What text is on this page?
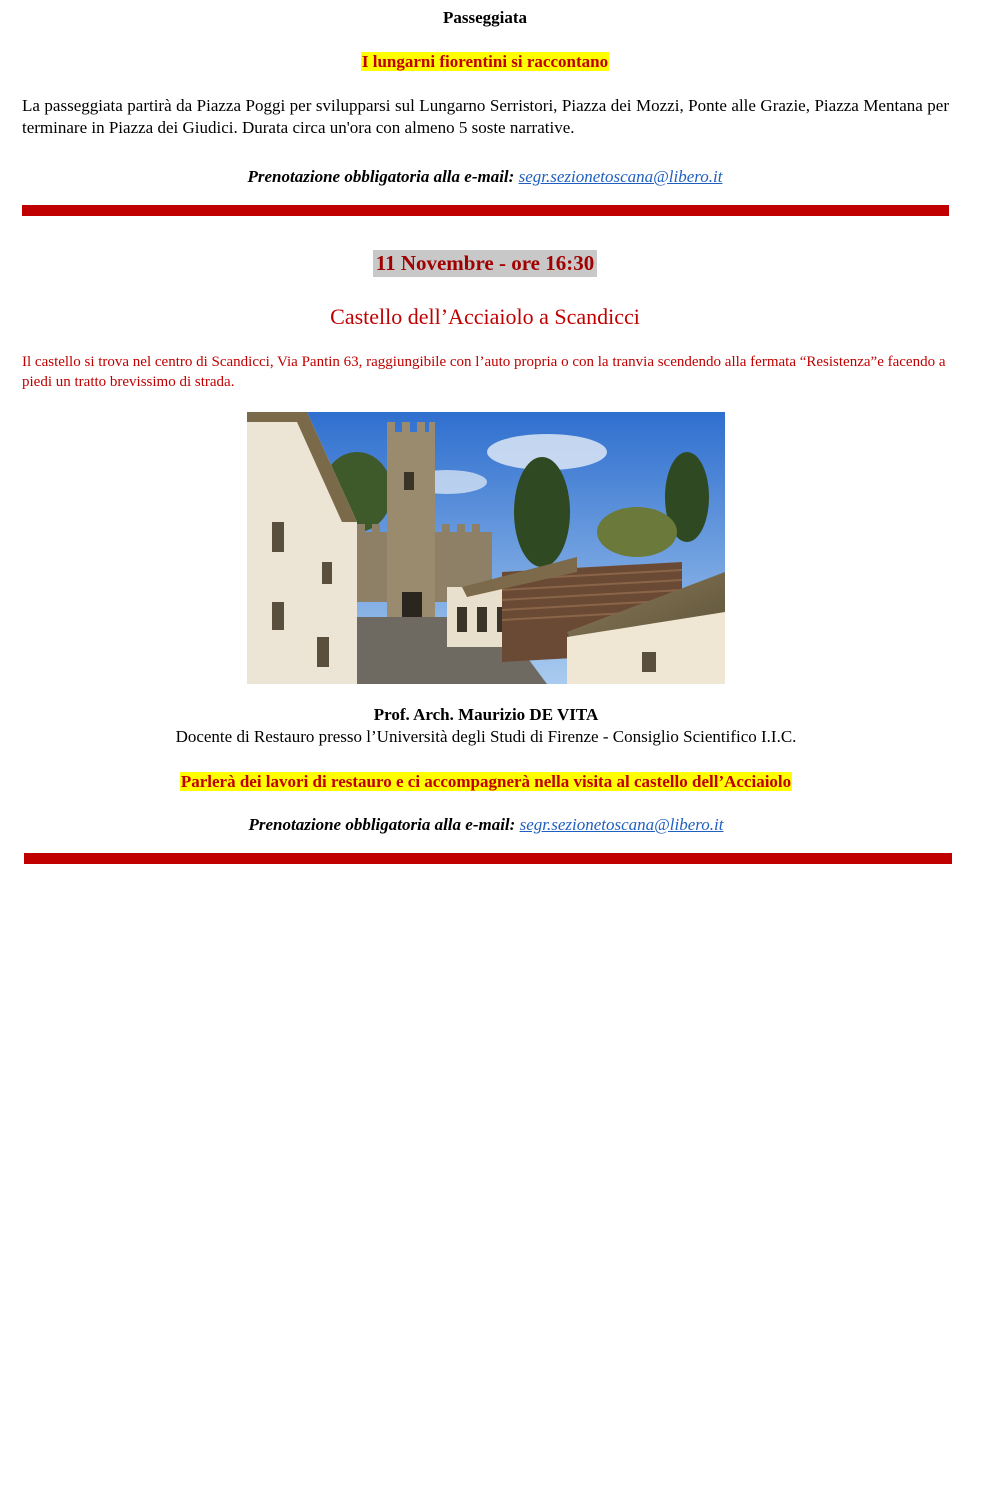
Passeggiata
I lungarni fiorentini si raccontano
La passeggiata partirà da Piazza Poggi per svilupparsi sul Lungarno Serristori, Piazza dei Mozzi, Ponte alle Grazie, Piazza Mentana per terminare in Piazza dei Giudici. Durata circa un'ora con almeno 5 soste narrative.
Prenotazione obbligatoria alla e-mail: segr.sezionetoscana@libero.it
11 Novembre - ore 16:30
Castello dell’Acciaiolo a Scandicci
Il castello si trova nel centro di Scandicci, Via Pantin 63, raggiungibile con l’auto propria o con la tranvia scendendo alla fermata “Resistenza”e facendo a piedi un tratto brevissimo di strada.
Prof. Arch. Maurizio DE VITA
Docente di Restauro presso l’Università degli Studi di Firenze - Consiglio Scientifico I.I.C.
Parlerà dei lavori di restauro e ci accompagnerà nella visita al castello dell’Acciaiolo
Prenotazione obbligatoria alla e-mail: segr.sezionetoscana@libero.it
